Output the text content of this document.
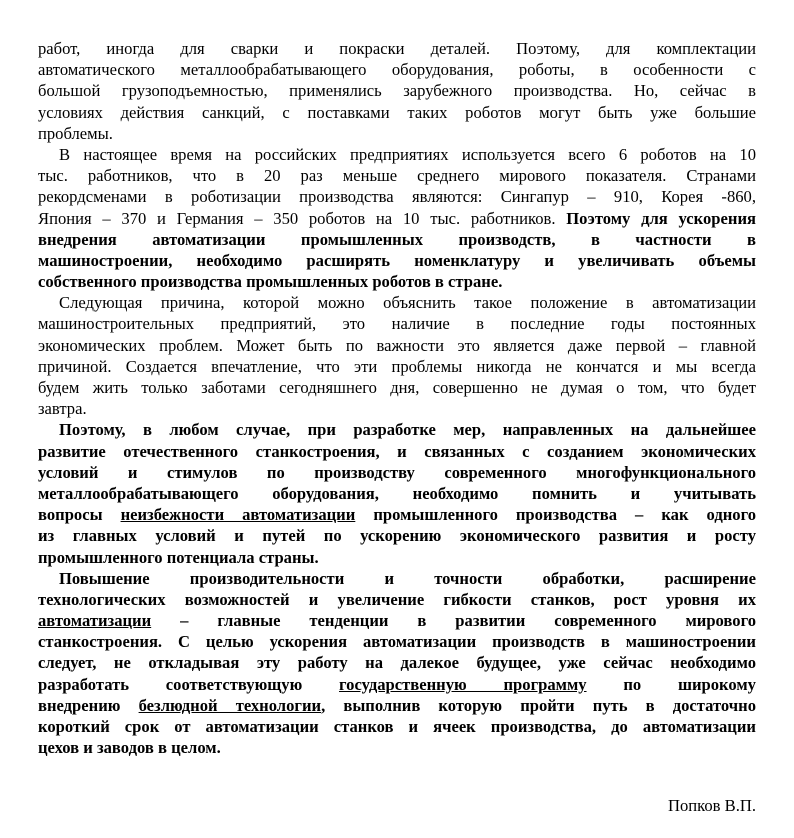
работ, иногда для сварки и покраски деталей. Поэтому, для комплектации
автоматического металлообрабатывающего оборудования, роботы, в особенности с
большой грузоподъемностью, применялись зарубежного производства. Но, сейчас в
условиях действия санкций, с поставками таких роботов могут быть уже большие
проблемы.
В настоящее время на российских предприятиях используется всего 6 роботов на 10
тыс. работников, что в 20 раз меньше среднего мирового показателя. Странами
рекордсменами в роботизации производства являются: Сингапур – 910, Корея -860,
Япония – 370 и Германия – 350 роботов на 10 тыс. работников. Поэтому для ускорения
внедрения автоматизации промышленных производств, в частности в
машиностроении, необходимо расширять номенклатуру и увеличивать объемы
собственного производства промышленных роботов в стране.
Следующая причина, которой можно объяснить такое положение в автоматизации
машиностроительных предприятий, это наличие в последние годы постоянных
экономических проблем. Может быть по важности это является даже первой – главной
причиной. Создается впечатление, что эти проблемы никогда не кончатся и мы всегда
будем жить только заботами сегодняшнего дня, совершенно не думая о том, что будет
завтра.
Поэтому, в любом случае, при разработке мер, направленных на дальнейшее
развитие отечественного станкостроения, и связанных с созданием экономических
условий и стимулов по производству современного многофункционального
металлообрабатывающего оборудования, необходимо помнить и учитывать
вопросы неизбежности автоматизации промышленного производства – как одного
из главных условий и путей по ускорению экономического развития и росту
промышленного потенциала страны.
Повышение производительности и точности обработки, расширение
технологических возможностей и увеличение гибкости станков, рост уровня их
автоматизации – главные тенденции в развитии современного мирового
станкостроения. С целью ускорения автоматизации производств в машиностроении
следует, не откладывая эту работу на далекое будущее, уже сейчас необходимо
разработать соответствующую государственную программу по широкому
внедрению безлюдной технологии, выполнив которую пройти путь в достаточно
короткий срок от автоматизации станков и ячеек производства, до автоматизации
цехов и заводов в целом.
Попков В.П.
